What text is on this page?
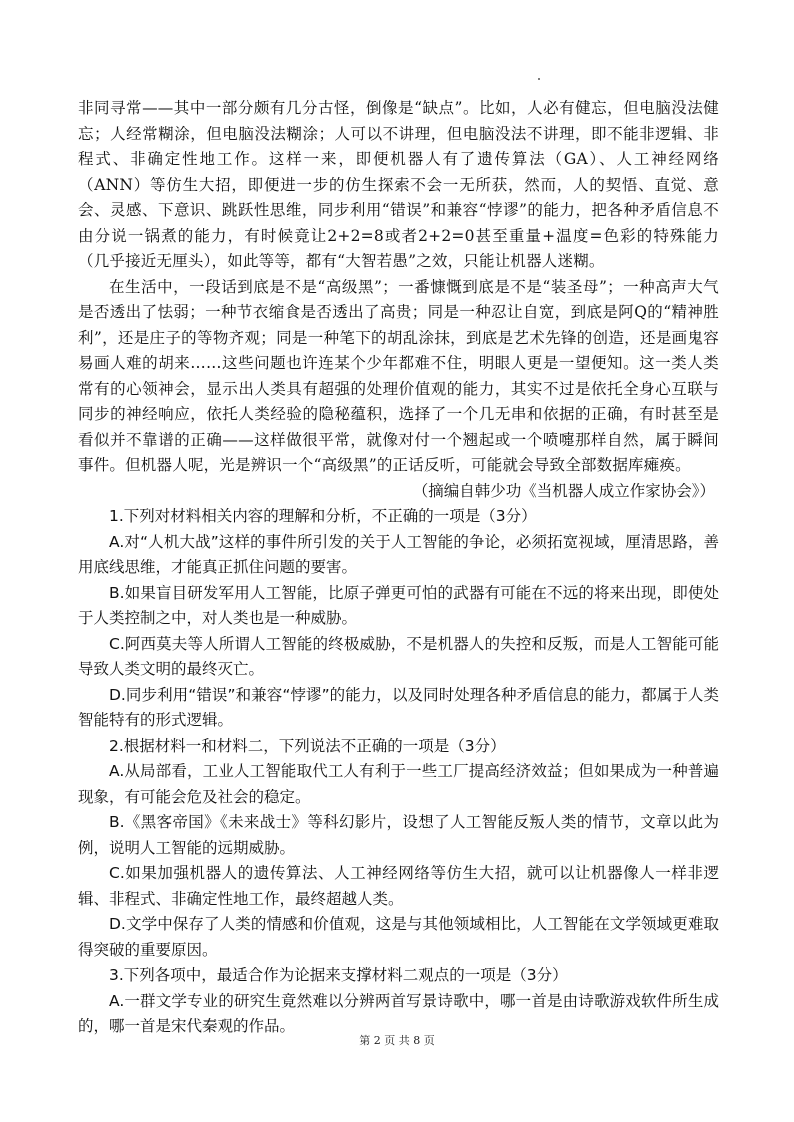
非同寻常——其中一部分颇有几分古怪，倒像是“缺点”。比如，人必有健忘，但电脑没法健忘；人经常糊涂，但电脑没法糊涂；人可以不讲理，但电脑没法不讲理，即不能非逻辑、非程式、非确定性地工作。这样一来，即便机器人有了遗传算法（GA）、人工神经网络（ANN）等仿生大招，即便进一步的仿生探索不会一无所获，然而，人的契悟、直觉、意会、灵感、下意识、跳跃性思维，同步利用“错误”和兼容“悖谬”的能力，把各种矛盾信息不由分说一锅煮的能力，有时候竟让2+2=8或者2+2=0甚至重量+温度=色彩的特殊能力（几乎接近无厘头），如此等等，都有“大智若愚”之效，只能让机器人迷糊。

在生活中，一段话到底是不是“高级黑”；一番慷慨到底是不是“装圣母”；一种高声大气是否透出了怯弱；一种节衣缩食是否透出了高贵；同是一种忍让自宽，到底是阿Q的“精神胜利”，还是庄子的等物齐观；同是一种笔下的胡乱涂抹，到底是艺术先锋的创造，还是画鬼容易画人难的胡来……这些问题也许连某个少年都难不住，明眼人更是一望便知。这一类人类常有的心领神会，显示出人类具有超强的处理价值观的能力，其实不过是依托全身心互联与同步的神经响应，依托人类经验的隐秘蕴积，选择了一个几无串和依据的正确，有时甚至是看似并不靠谱的正确——这样做很平常，就像对付一个翘起或一个喷嚏那样自然，属于瞬间事件。但机器人呢，光是辨识一个“高级黑”的正话反听，可能就会导致全部数据库瘫痪。

（摘编自韩少功《当机器人成立作家协会》）

1.下列对材料相关内容的理解和分析，不正确的一项是（3分）

A.对“人机大战”这样的事件所引发的关于人工智能的争论，必须拓宽视域，厘清思路，善用底线思维，才能真正抓住问题的要害。

B.如果盲目研发军用人工智能，比原子弹更可怕的武器有可能在不远的将来出现，即使处于人类控制之中，对人类也是一种威胁。

C.阿西莫夫等人所谓人工智能的终极威胁，不是机器人的失控和反叛，而是人工智能可能导致人类文明的最终灭亡。

D.同步利用“错误”和兼容“悖谬”的能力，以及同时处理各种矛盾信息的能力，都属于人类智能特有的形式逻辑。

2.根据材料一和材料二，下列说法不正确的一项是（3分）

A.从局部看，工业人工智能取代工人有利于一些工厂提高经济效益；但如果成为一种普遍现象，有可能会危及社会的稳定。

B.《黑客帝国》《未来战士》等科幻影片，设想了人工智能反叛人类的情节，文章以此为例，说明人工智能的远期威胁。

C.如果加强机器人的遗传算法、人工神经网络等仿生大招，就可以让机器像人一样非逻辑、非程式、非确定性地工作，最终超越人类。

D.文学中保存了人类的情感和价值观，这是与其他领域相比，人工智能在文学领域更难取得突破的重要原因。

3.下列各项中，最适合作为论据来支撑材料二观点的一项是（3分）

A.一群文学专业的研究生竟然难以分辨两首写景诗歌中，哪一首是由诗歌游戏软件所生成的，哪一首是宋代秦观的作品。

第 2 页 共 8 页
